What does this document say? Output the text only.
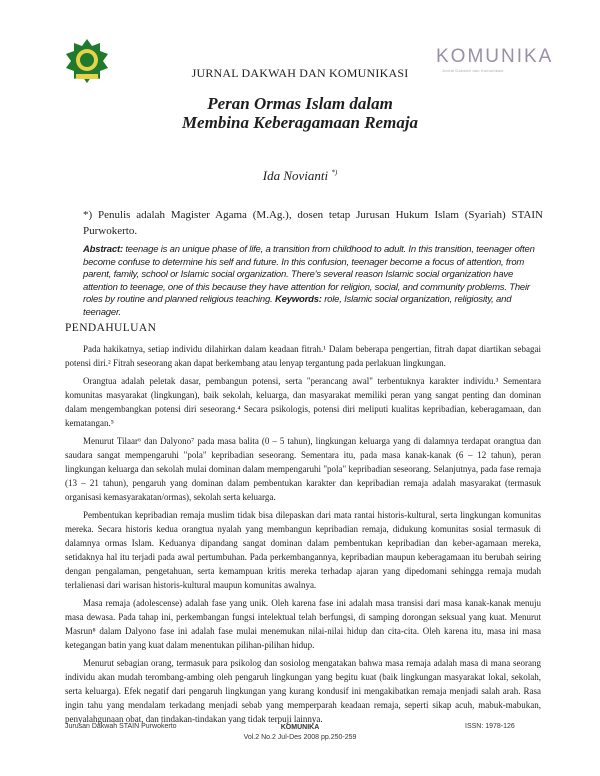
KOMUNIKA
Jurnal Dakwah dan Komunikasi
JURNAL DAKWAH DAN KOMUNIKASI
Peran Ormas Islam dalam
Membina Keberagamaan Remaja
Ida Novianti *)
*) Penulis adalah Magister Agama (M.Ag.), dosen tetap Jurusan Hukum Islam (Syariah) STAIN Purwokerto.
Abstract: teenage is an unique phase of life, a transition from childhood to adult. In this transition, teenager often become confuse to determine his self and future. In this confusion, teenager become a focus of attention, from parent, family, school or Islamic social organization. There's several reason Islamic social organization have attention to teenage, one of this because they have attention for religion, social, and community problems. Their roles by routine and planned religious teaching. Keywords: role, Islamic social organization, religiosity, and teenager.
PENDAHULUAN

Pada hakikatnya, setiap individu dilahirkan dalam keadaan fitrah.¹ Dalam beberapa pengertian, fitrah dapat diartikan sebagai potensi diri.² Fitrah seseorang akan dapat berkembang atau lenyap tergantung pada perlakuan lingkungan.

Orangtua adalah peletak dasar, pembangun potensi, serta "perancang awal" terbentuknya karakter individu.³ Sementara komunitas masyarakat (lingkungan), baik sekolah, keluarga, dan masyarakat memiliki peran yang sangat penting dan dominan dalam mengembangkan potensi diri seseorang.⁴ Secara psikologis, potensi diri meliputi kualitas kepribadian, keberagamaan, dan kematangan.⁵

Menurut Tilaar⁶ dan Dalyono⁷ pada masa balita (0 – 5 tahun), lingkungan keluarga yang di dalamnya terdapat orangtua dan saudara sangat mempengaruhi "pola" kepribadian seseorang. Sementara itu, pada masa kanak-kanak (6 – 12 tahun), peran lingkungan keluarga dan sekolah mulai dominan dalam mempengaruhi "pola" kepribadian seseorang. Selanjutnya, pada fase remaja (13 – 21 tahun), pengaruh yang dominan dalam pembentukan karakter dan kepribadian remaja adalah masyarakat (termasuk organisasi kemasyarakatan/ormas), sekolah serta keluarga.

Pembentukan kepribadian remaja muslim tidak bisa dilepaskan dari mata rantai historis-kultural, serta lingkungan komunitas mereka. Secara historis kedua orangtua nyalah yang membangun kepribadian remaja, didukung komunitas sosial termasuk di dalamnya ormas Islam. Keduanya dipandang sangat dominan dalam pembentukan kepribadian dan keber-agamaan mereka, setidaknya hal itu terjadi pada awal pertumbuhan. Pada perkembangannya, kepribadian maupun keberagamaan itu berubah seiring dengan pengalaman, pengetahuan, serta kemampuan kritis mereka terhadap ajaran yang dipedomani sehingga remaja mudah terlalienasi dari warisan historis-kultural maupun komunitas awalnya.

Masa remaja (adolescense) adalah fase yang unik. Oleh karena fase ini adalah masa transisi dari masa kanak-kanak menuju masa dewasa. Pada tahap ini, perkembangan fungsi intelektual telah berfungsi, di samping dorongan seksual yang kuat. Menurut Masrun⁸ dalam Dalyono fase ini adalah fase mulai menemukan nilai-nilai hidup dan cita-cita. Oleh karena itu, masa ini masa ketegangan batin yang kuat dalam menentukan pilihan-pilihan hidup.

Menurut sebagian orang, termasuk para psikolog dan sosiolog mengatakan bahwa masa remaja adalah masa di mana seorang individu akan mudah terombang-ambing oleh pengaruh lingkungan yang begitu kuat (baik lingkungan masyarakat lokal, sekolah, serta keluarga). Efek negatif dari pengaruh lingkungan yang kurang kondusif ini mengakibatkan remaja menjadi salah arah. Rasa ingin tahu yang mendalam terkadang menjadi sebab yang memperparah keadaan remaja, seperti sikap acuh, mabuk-mabukan, penyalahgunaan obat, dan tindakan-tindakan yang tidak terpuji lainnya.

Jurusan Dakwah STAIN Purwokerto	KOMUNIKA
Vol.2 No.2 Jul-Des 2008 pp.250-259
ISSN: 1978-126
